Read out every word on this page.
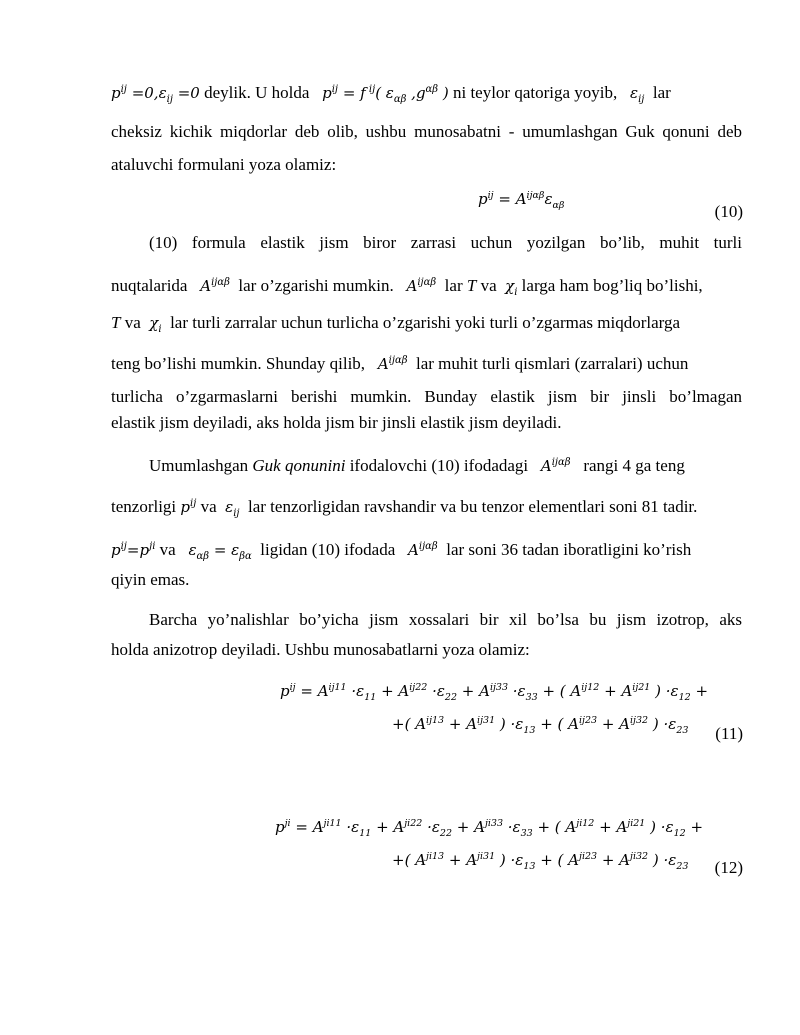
$p^{ij} =0,\varepsilon_{ij} =0$ deylik. U holda $p^{ij} = f$ $^{ij}$( $\varepsilon_{\alpha\beta}$ $,g^{\alpha\beta}$ ) ni teylor qatoriga yoyib, $\varepsilon_{ij}$ lar
cheksiz kichik miqdorlar deb olib, ushbu munosabatni - umumlashgan Guk qonuni deb
ataluvchi formulani yoza olamiz:
$p^{ij} = A^{ij\alpha\beta}\varepsilon_{\alpha\beta}$	(10)
(10) formula elastik jism biror zarrasi uchun yozilgan bo’lib, muhit turli
nuqtalarida $A^{ij\alpha\beta}$ lar o’zgarishi mumkin. $A^{ij\alpha\beta}$ lar T va $\chi_i$ larga ham bog’liq bo’lishi,
T va $\chi_i$ lar turli zarralar uchun turlicha o’zgarishi yoki turli o’zgarmas miqdorlarga
teng bo’lishi mumkin. Shunday qilib, $A^{ij\alpha\beta}$ lar muhit turli qismlari (zarralari) uchun
turlicha o’zgarmaslarni berishi mumkin. Bunday elastik jism bir jinsli bo’lmagan
elastik jism deyiladi, aks holda jism bir jinsli elastik jism deyiladi.
Umumlashgan Guk qonunini ifodalovchi (10) ifodadagi $A^{ij\alpha\beta}$ rangi 4 ga teng
tenzorligi $p^{ij}$ va $\varepsilon_{ij}$ lar tenzorligidan ravshandir va bu tenzor elementlari soni 81 tadir.
$p^{ij}=p^{ji}$ va $\varepsilon_{\alpha\beta} = \varepsilon_{\beta\alpha}$ ligidan (10) ifodada $A^{ij\alpha\beta}$ lar soni 36 tadan iboratligini ko’rish
qiyin emas.
Barcha yo’nalishlar bo’yicha jism xossalari bir xil bo’lsa bu jism izotrop, aks
holda anizotrop deyiladi. Ushbu munosabatlarni yoza olamiz:
$p^{ij} = A^{ij11} \cdot\varepsilon_{11} + A^{ij22} \cdot\varepsilon_{22} + A^{ij33} \cdot\varepsilon_{33}$ + ( $A^{ij12} + A^{ij21}$ ) $\cdot\varepsilon_{12}$ +
+( $A^{ij13} + A^{ij31}$ ) $\cdot\varepsilon_{13}$ + ( $A^{ij23} + A^{ij32}$ ) $\cdot\varepsilon_{23}$ (11)
$p^{ji} = A^{ji11} \cdot\varepsilon_{11} + A^{ji22} \cdot\varepsilon_{22} + A^{ji33} \cdot\varepsilon_{33}$ + ( $A^{ji12} + A^{ji21}$ ) $\cdot\varepsilon_{12}$ +
+( $A^{ji13} + A^{ji31}$ ) $\cdot\varepsilon_{13}$ + ( $A^{ji23} + A^{ji32}$ ) $\cdot\varepsilon_{23}$ (12)
